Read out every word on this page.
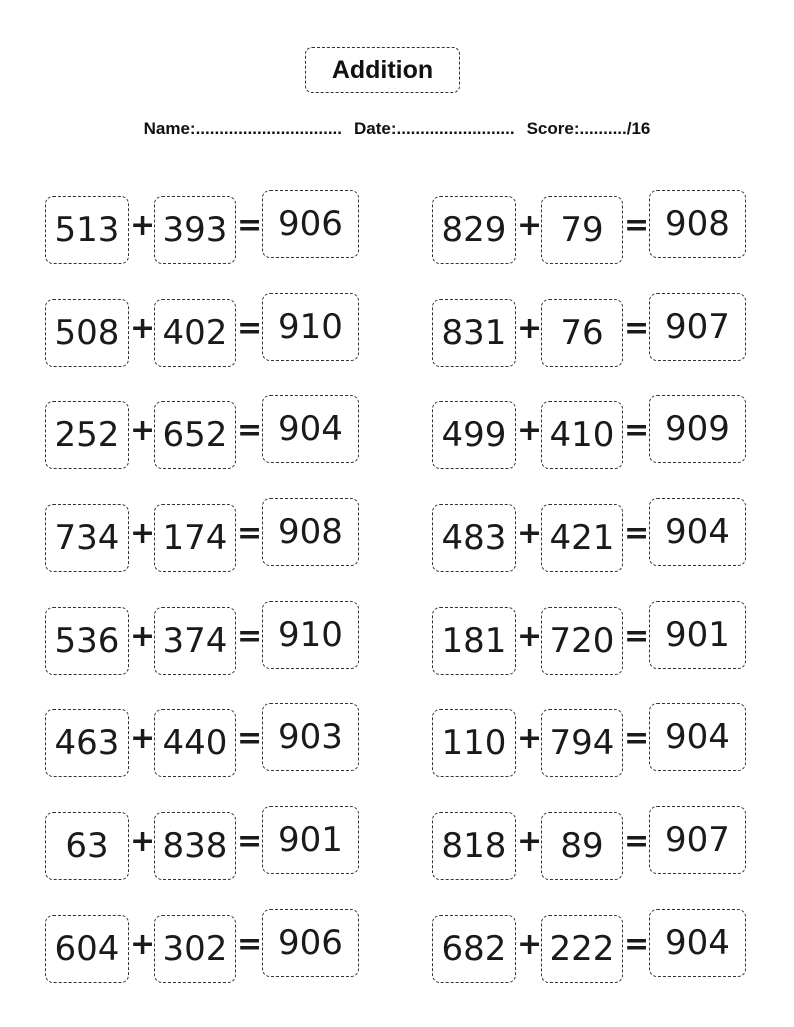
Addition
Name:............................... Date:......................... Score:........../16
513 + 393 = 906
508 + 402 = 910
252 + 652 = 904
734 + 174 = 908
536 + 374 = 910
463 + 440 = 903
63 + 838 = 901
604 + 302 = 906
829 + 79 = 908
831 + 76 = 907
499 + 410 = 909
483 + 421 = 904
181 + 720 = 901
110 + 794 = 904
818 + 89 = 907
682 + 222 = 904
